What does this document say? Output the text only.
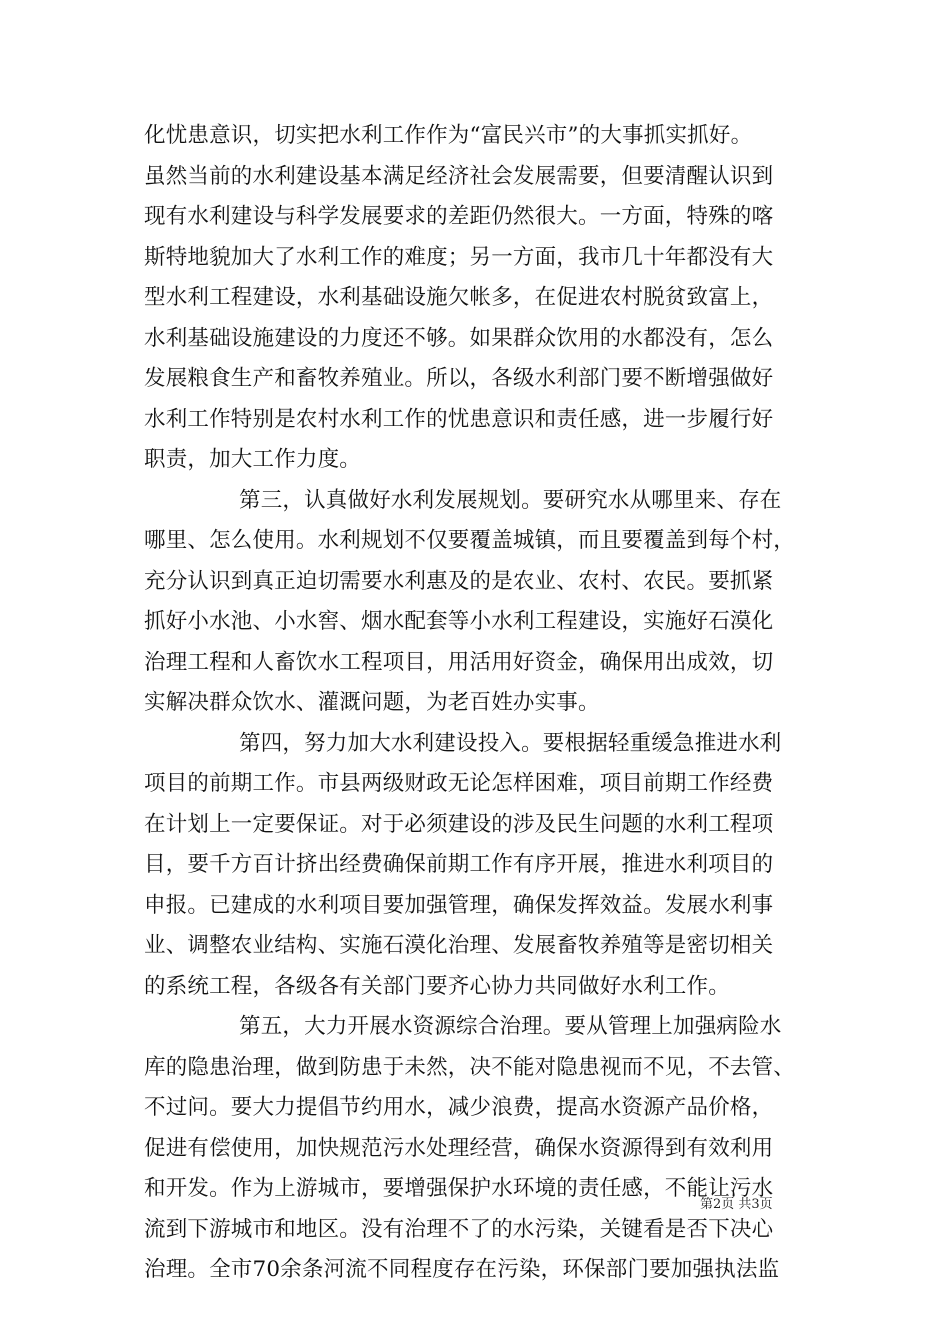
化忧患意识，切实把水利工作作为“富民兴市”的大事抓实抓好。
虽然当前的水利建设基本满足经济社会发展需要，但要清醒认识到
现有水利建设与科学发展要求的差距仍然很大。一方面，特殊的喀
斯特地貌加大了水利工作的难度；另一方面，我市几十年都没有大
型水利工程建设，水利基础设施欠帐多，在促进农村脱贫致富上，
水利基础设施建设的力度还不够。如果群众饮用的水都没有，怎么
发展粮食生产和畜牧养殖业。所以，各级水利部门要不断增强做好
水利工作特别是农村水利工作的忧患意识和责任感，进一步履行好
职责，加大工作力度。
第三，认真做好水利发展规划。要研究水从哪里来、存在
哪里、怎么使用。水利规划不仅要覆盖城镇，而且要覆盖到每个村，
充分认识到真正迫切需要水利惠及的是农业、农村、农民。要抓紧
抓好小水池、小水窖、烟水配套等小水利工程建设，实施好石漠化
治理工程和人畜饮水工程项目，用活用好资金，确保用出成效，切
实解决群众饮水、灌溉问题，为老百姓办实事。
第四，努力加大水利建设投入。要根据轻重缓急推进水利
项目的前期工作。市县两级财政无论怎样困难，项目前期工作经费
在计划上一定要保证。对于必须建设的涉及民生问题的水利工程项
目，要千方百计挤出经费确保前期工作有序开展，推进水利项目的
申报。已建成的水利项目要加强管理，确保发挥效益。发展水利事
业、调整农业结构、实施石漠化治理、发展畜牧养殖等是密切相关
的系统工程，各级各有关部门要齐心协力共同做好水利工作。
第五，大力开展水资源综合治理。要从管理上加强病险水
库的隐患治理，做到防患于未然，决不能对隐患视而不见，不去管、
不过问。要大力提倡节约用水，减少浪费，提高水资源产品价格，
促进有偿使用，加快规范污水处理经营，确保水资源得到有效利用
和开发。作为上游城市，要增强保护水环境的责任感，不能让污水
流到下游城市和地区。没有治理不了的水污染，关键看是否下决心
治理。全市70余条河流不同程度存在污染，环保部门要加强执法监
第2页 共3页
